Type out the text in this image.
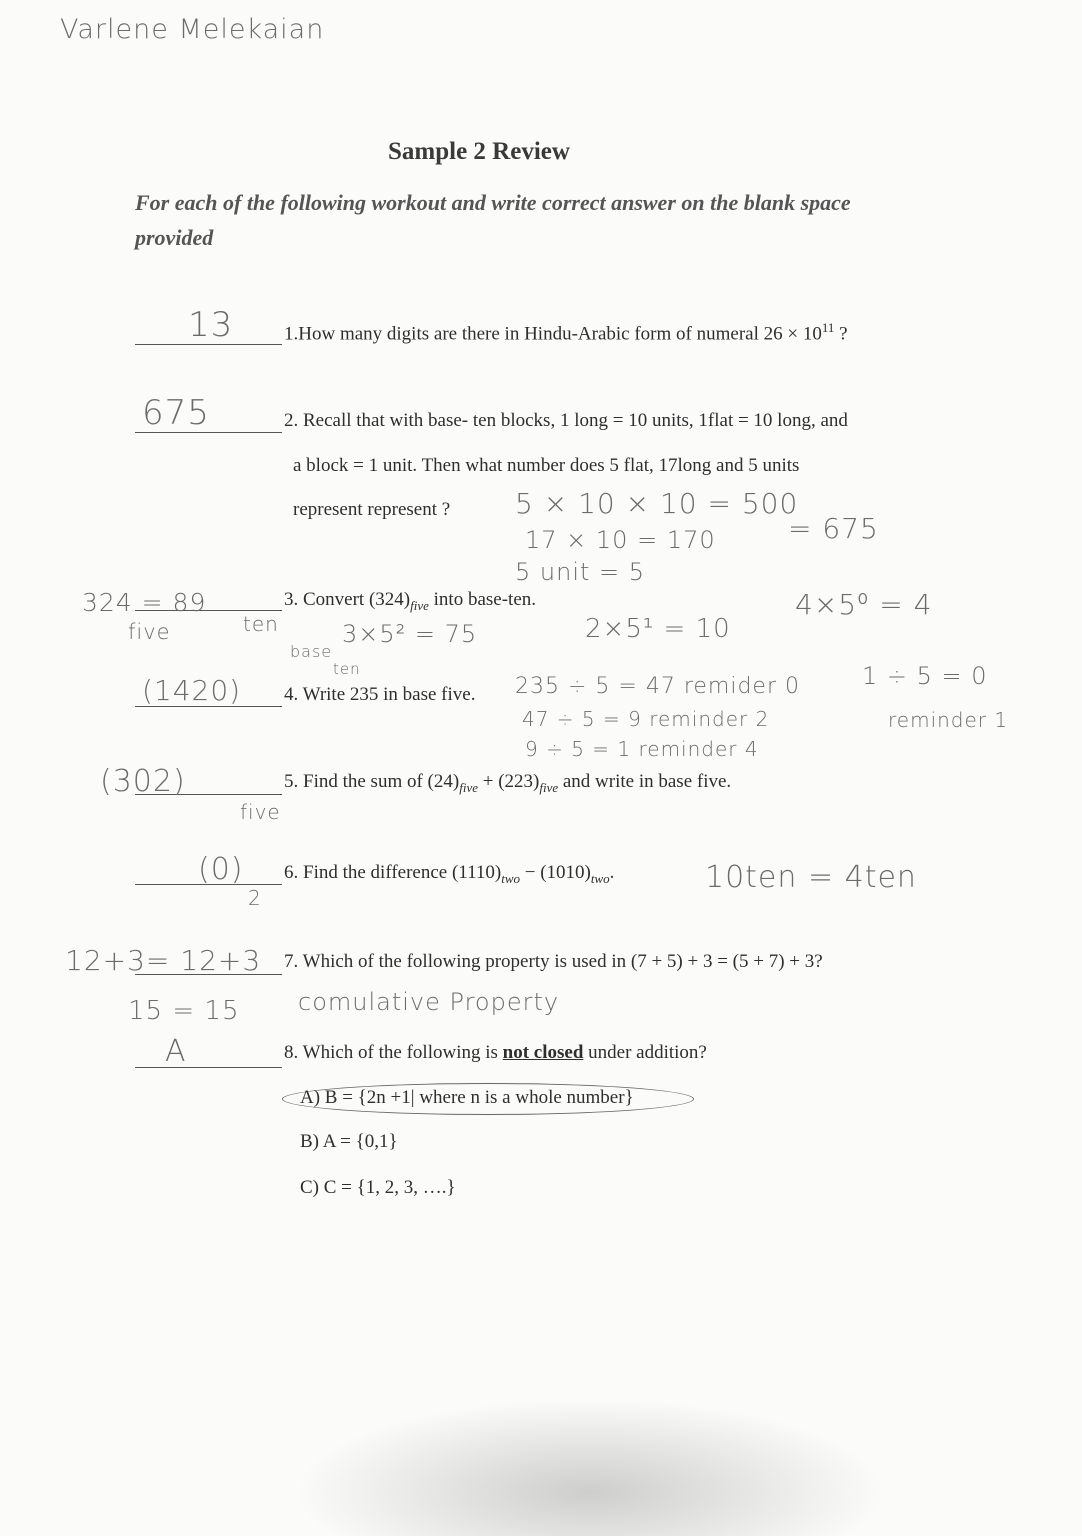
Varlene Melekaian
Sample 2 Review
For each of the following workout and write correct answer on the blank space
provided
13	1.How many digits are there in Hindu-Arabic form of numeral $26 \times 10^{11}$ ?
675	2. Recall that with base- ten blocks, 1 long = 10 units, 1flat = 10 long, and
a block = 1 unit. Then what number does 5 flat, 17long and 5 units
represent represent ? 5 × 10 × 10 = 500
17 × 10 = 170
5 unit = 5
= 675
324 = 89
five	ten
base
3. Convert $(324)_{five}$ into base-ten.
3×5² = 75	2×5¹ = 10
4×5⁰ = 4
ten
(1420) 4. Write 235 in base five. 235 ÷ 5 = 47 remider 0
47 ÷ 5 = 9 reminder 2
9 ÷ 5 = 1 reminder 4
1 ÷ 5 = 0
reminder 1
(302)
five
5. Find the sum of $(24)_{five} + (223)_{five}$ and write in base five.
(0)
2
6. Find the difference $(1110)_{two} - (1010)_{two}$.	10ten = 4ten
12+3= 12+3 7. Which of the following property is used in (7 + 5) + 3 = (5 + 7) + 3?
15 = 15 comulative Property
A	8. Which of the following is not closed under addition?
A) B = {2n +1| where n is a whole number}
B) A = {0,1}
C) C = {1, 2, 3, ….}
